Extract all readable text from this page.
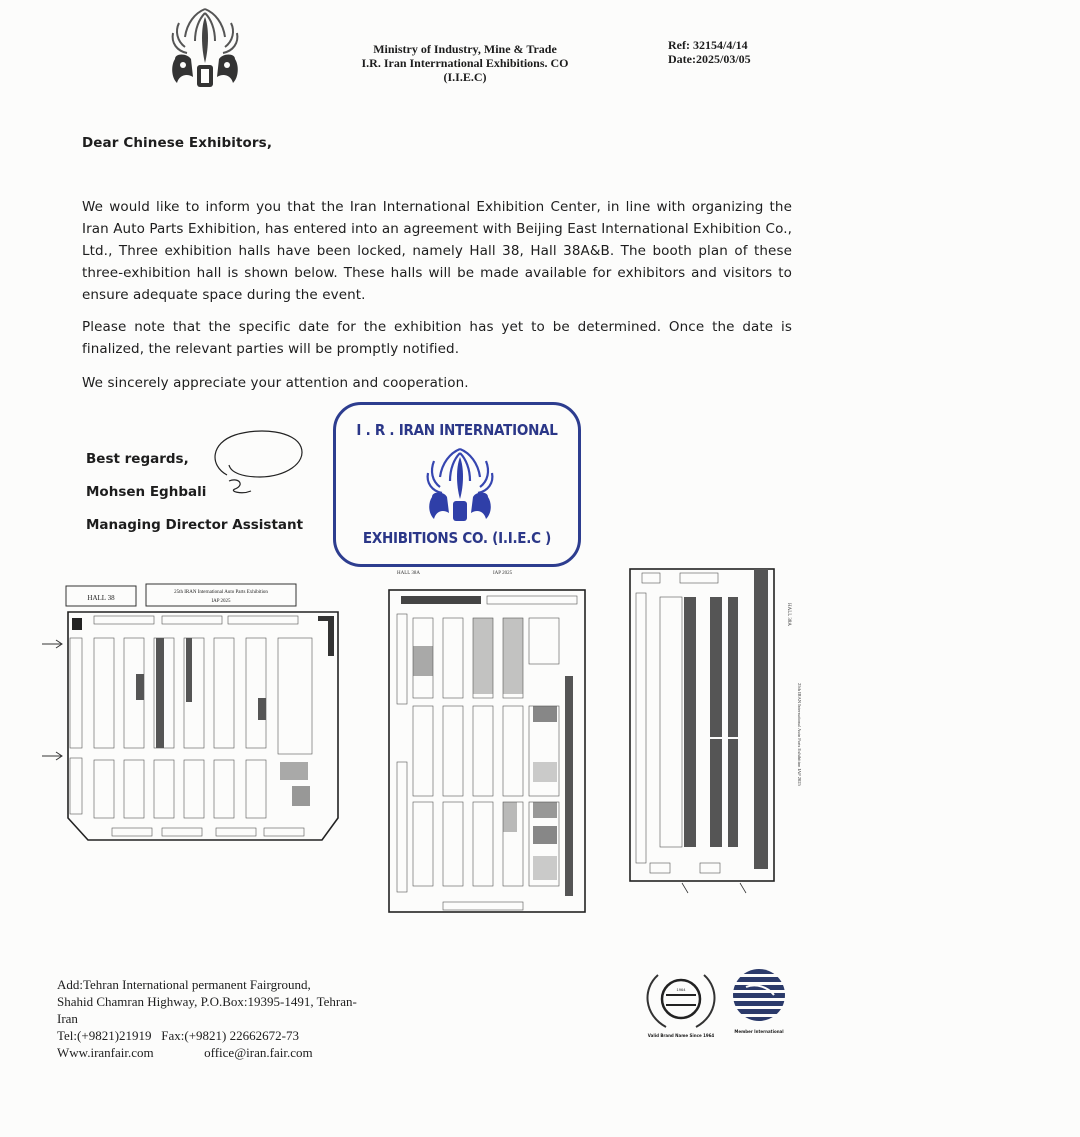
Ministry of Industry, Mine & Trade
I.R. Iran Interrnational Exhibitions. CO
(I.I.E.C)
Ref: 32154/4/14
Date:2025/03/05
Dear Chinese Exhibitors,
We would like to inform you that the Iran International Exhibition Center, in line with organizing the Iran Auto Parts Exhibition, has entered into an agreement with Beijing East International Exhibition Co., Ltd., Three exhibition halls have been locked, namely Hall 38, Hall 38A&B. The booth plan of these three-exhibition hall is shown below. These halls will be made available for exhibitors and visitors to ensure adequate space during the event.
Please note that the specific date for the exhibition has yet to be determined. Once the date is finalized, the relevant parties will be promptly notified.
We sincerely appreciate your attention and cooperation.
Best regards,
Mohsen Eghbali
Managing Director Assistant
I . R . IRAN INTERNATIONAL
EXHIBITIONS CO. (I.I.E.C )
HALL 38
25th IRAN International Auto Parts Exhibition
IAP 2025
HALL 38A	IAP 2025
HALL 38A
25th IRAN International Auto Parts Exhibition IAP 2025
Add:Tehran International permanent Fairground,
Shahid Chamran Highway, P.O.Box:19395-1491, Tehran-
Iran
Tel:(+9821)21919 Fax:(+9821) 22662672-73
Www.iranfair.com	office@iran.fair.com
1964
Valid Brand Name Since 1964
Member International
